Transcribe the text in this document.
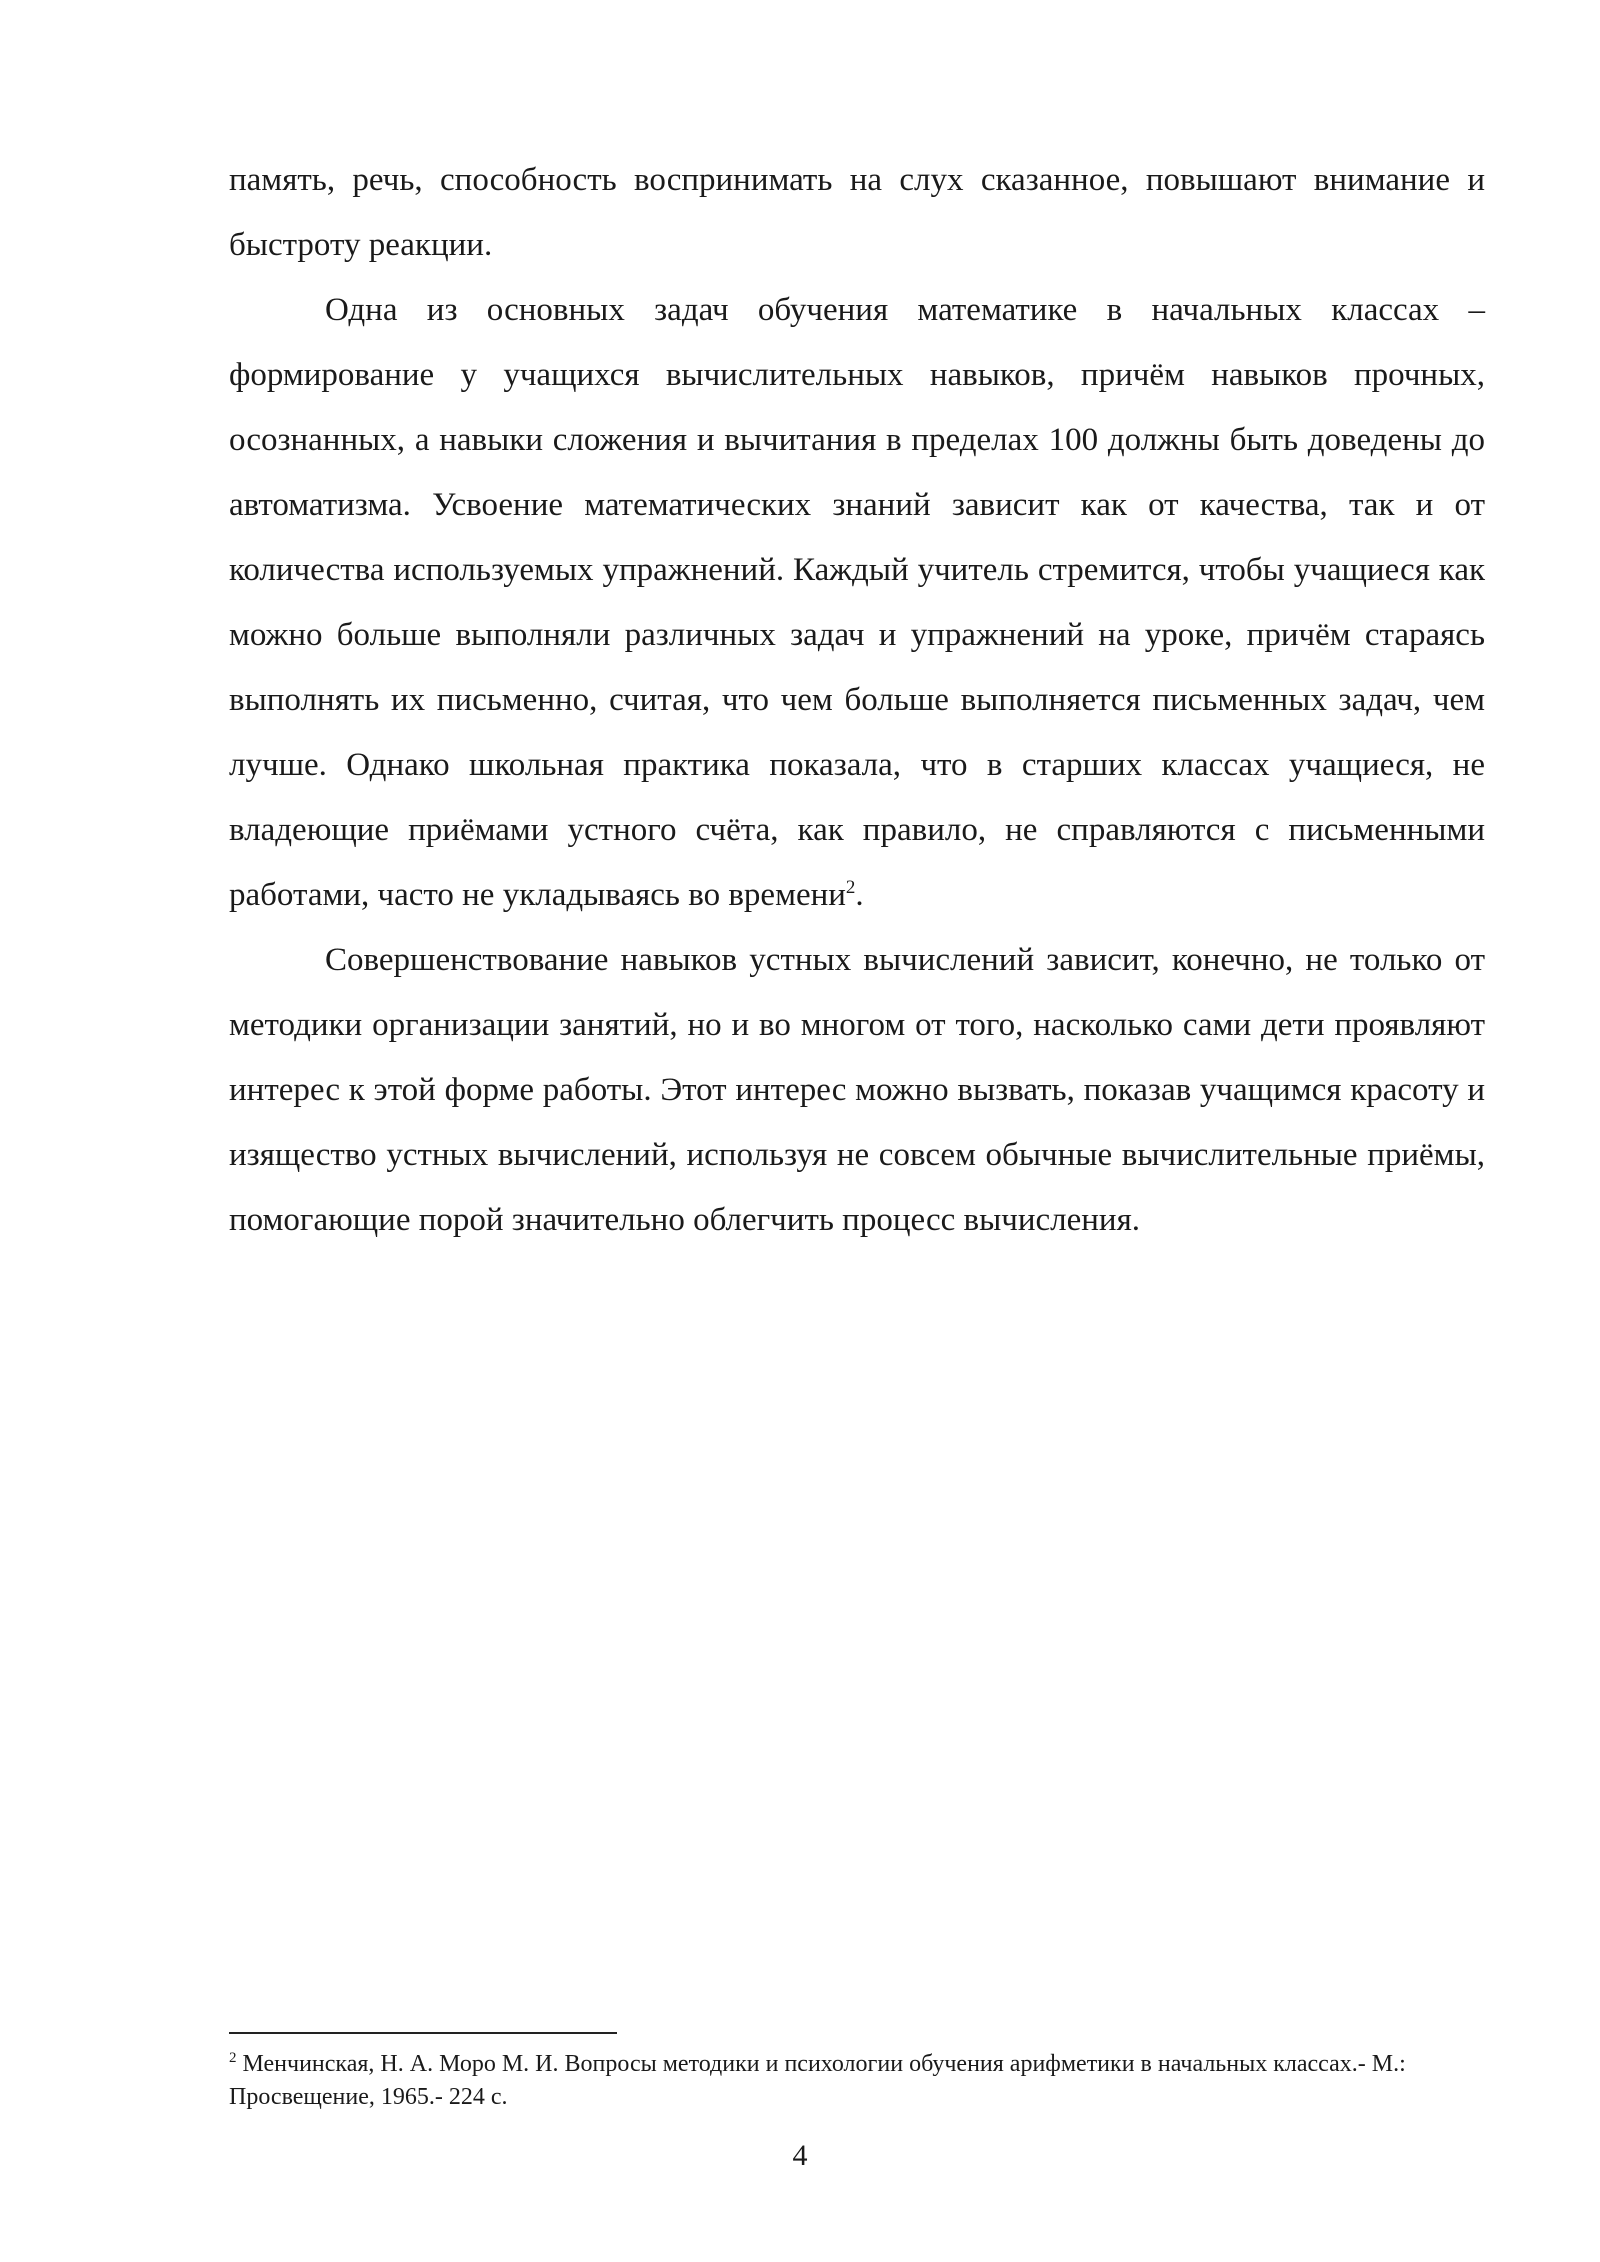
память, речь, способность воспринимать на слух сказанное, повышают внимание и быстроту реакции.

Одна из основных задач обучения математике в начальных классах – формирование у учащихся вычислительных навыков, причём навыков прочных, осознанных, а навыки сложения и вычитания в пределах 100 должны быть доведены до автоматизма. Усвоение математических знаний зависит как от качества, так и от количества используемых упражнений. Каждый учитель стремится, чтобы учащиеся как можно больше выполняли различных задач и упражнений на уроке, причём стараясь выполнять их письменно, считая, что чем больше выполняется письменных задач, чем лучше. Однако школьная практика показала, что в старших классах учащиеся, не владеющие приёмами устного счёта, как правило, не справляются с письменными работами, часто не укладываясь во времени$^2$.

Совершенствование навыков устных вычислений зависит, конечно, не только от методики организации занятий, но и во многом от того, насколько сами дети проявляют интерес к этой форме работы. Этот интерес можно вызвать, показав учащимся красоту и изящество устных вычислений, используя не совсем обычные вычислительные приёмы, помогающие порой значительно облегчить процесс вычисления.

$^2$ Менчинская, Н. А. Моро М. И. Вопросы методики и психологии обучения арифметики в начальных классах.- М.: Просвещение, 1965.- 224 с.
4
